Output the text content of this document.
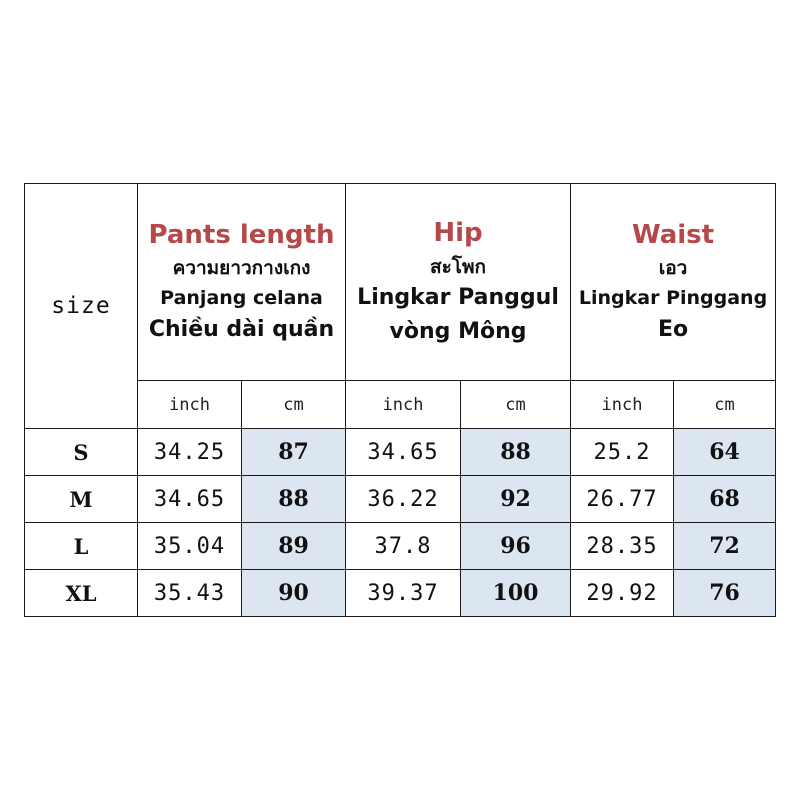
size	Pants length
ความยาวกางเกง
Panjang celana
Chiều dài quần		Hip
สะโพก
Lingkar Panggul
vòng Mông		Waist
เอว
Lingkar Pinggang
Eo	

	inch	cm	inch	cm	inch	cm
S	34.25	87	34.65	88	25.2	64
M	34.65	88	36.22	92	26.77	68
L	35.04	89	37.8	96	28.35	72
XL	35.43	90	39.37	100	29.92	76
